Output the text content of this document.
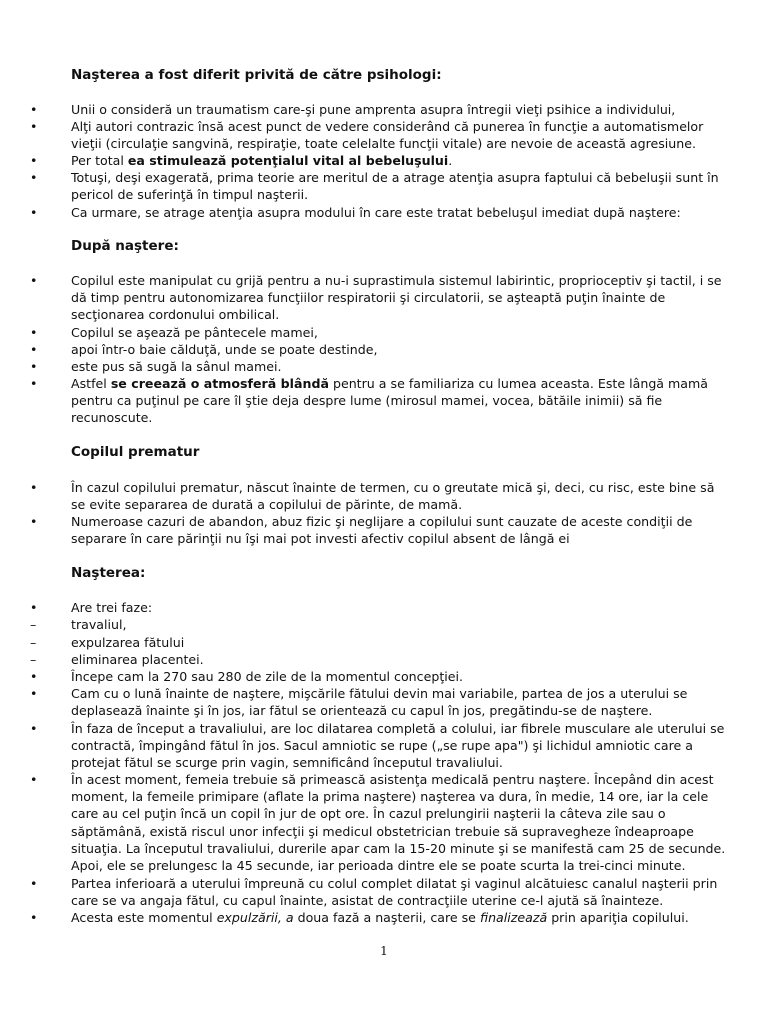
Naşterea a fost diferit privită de către psihologi:
•	Unii o consideră un traumatism care-şi pune amprenta asupra întregii vieţi psihice a individului,
•	Alţi autori contrazic însă acest punct de vedere considerând că punerea în funcţie a automatismelor
vieţii (circulaţie sangvină, respiraţie, toate celelalte funcţii vitale) are nevoie de această agresiune.
•	Per total ea stimulează potenţialul vital al bebeluşului.
•	Totuşi, deşi exagerată, prima teorie are meritul de a atrage atenţia asupra faptului că bebeluşii sunt în
pericol de suferinţă în timpul naşterii.
•	Ca urmare, se atrage atenţia asupra modului în care este tratat bebeluşul imediat după naştere:
După naştere:
•	Copilul este manipulat cu grijă pentru a nu-i suprastimula sistemul labirintic, proprioceptiv şi tactil, i se
dă timp pentru autonomizarea funcţiilor respiratorii şi circulatorii, se aşteaptă puţin înainte de
secţionarea cordonului ombilical.
•	Copilul se aşează pe pântecele mamei,
•	apoi într-o baie călduţă, unde se poate destinde,
•	este pus să sugă la sânul mamei.
•	Astfel se creează o atmosferă blândă pentru a se familiariza cu lumea aceasta. Este lângă mamă
pentru ca puţinul pe care îl ştie deja despre lume (mirosul mamei, vocea, bătăile inimii) să fie
recunoscute.
Copilul prematur
•	În cazul copilului prematur, născut înainte de termen, cu o greutate mică şi, deci, cu risc, este bine să
se evite separarea de durată a copilului de părinte, de mamă.
•	Numeroase cazuri de abandon, abuz fizic şi neglijare a copilului sunt cauzate de aceste condiţii de
separare în care părinţii nu îşi mai pot investi afectiv copilul absent de lângă ei
Naşterea:
•	Are trei faze:
–	travaliul,
–	expulzarea fătului
–	eliminarea placentei.
•	Începe cam la 270 sau 280 de zile de la momentul concepţiei.
•	Cam cu o lună înainte de naştere, mişcările fătului devin mai variabile, partea de jos a uterului se
deplasează înainte şi în jos, iar fătul se orientează cu capul în jos, pregătindu-se de naştere.
•	În faza de început a travaliului, are loc dilatarea completă a colului, iar fibrele musculare ale uterului se
contractă, împingând fătul în jos. Sacul amniotic se rupe („se rupe apa") şi lichidul amniotic care a
protejat fătul se scurge prin vagin, semnificând începutul travaliului.
•	În acest moment, femeia trebuie să primească asistenţa medicală pentru naştere. Începând din acest
moment, la femeile primipare (aflate la prima naştere) naşterea va dura, în medie, 14 ore, iar la cele
care au cel puţin încă un copil în jur de opt ore. În cazul prelungirii naşterii la câteva zile sau o
săptămână, există riscul unor infecţii şi medicul obstetrician trebuie să supravegheze îndeaproape
situaţia. La începutul travaliului, durerile apar cam la 15-20 minute şi se manifestă cam 25 de secunde.
Apoi, ele se prelungesc la 45 secunde, iar perioada dintre ele se poate scurta la trei-cinci minute.
•	Partea inferioară a uterului împreună cu colul complet dilatat şi vaginul alcătuiesc canalul naşterii prin
care se va angaja fătul, cu capul înainte, asistat de contracţiile uterine ce-l ajută să înainteze.
•	Acesta este momentul expulzării, a doua fază a naşterii, care se finalizează prin apariţia copilului.
1
